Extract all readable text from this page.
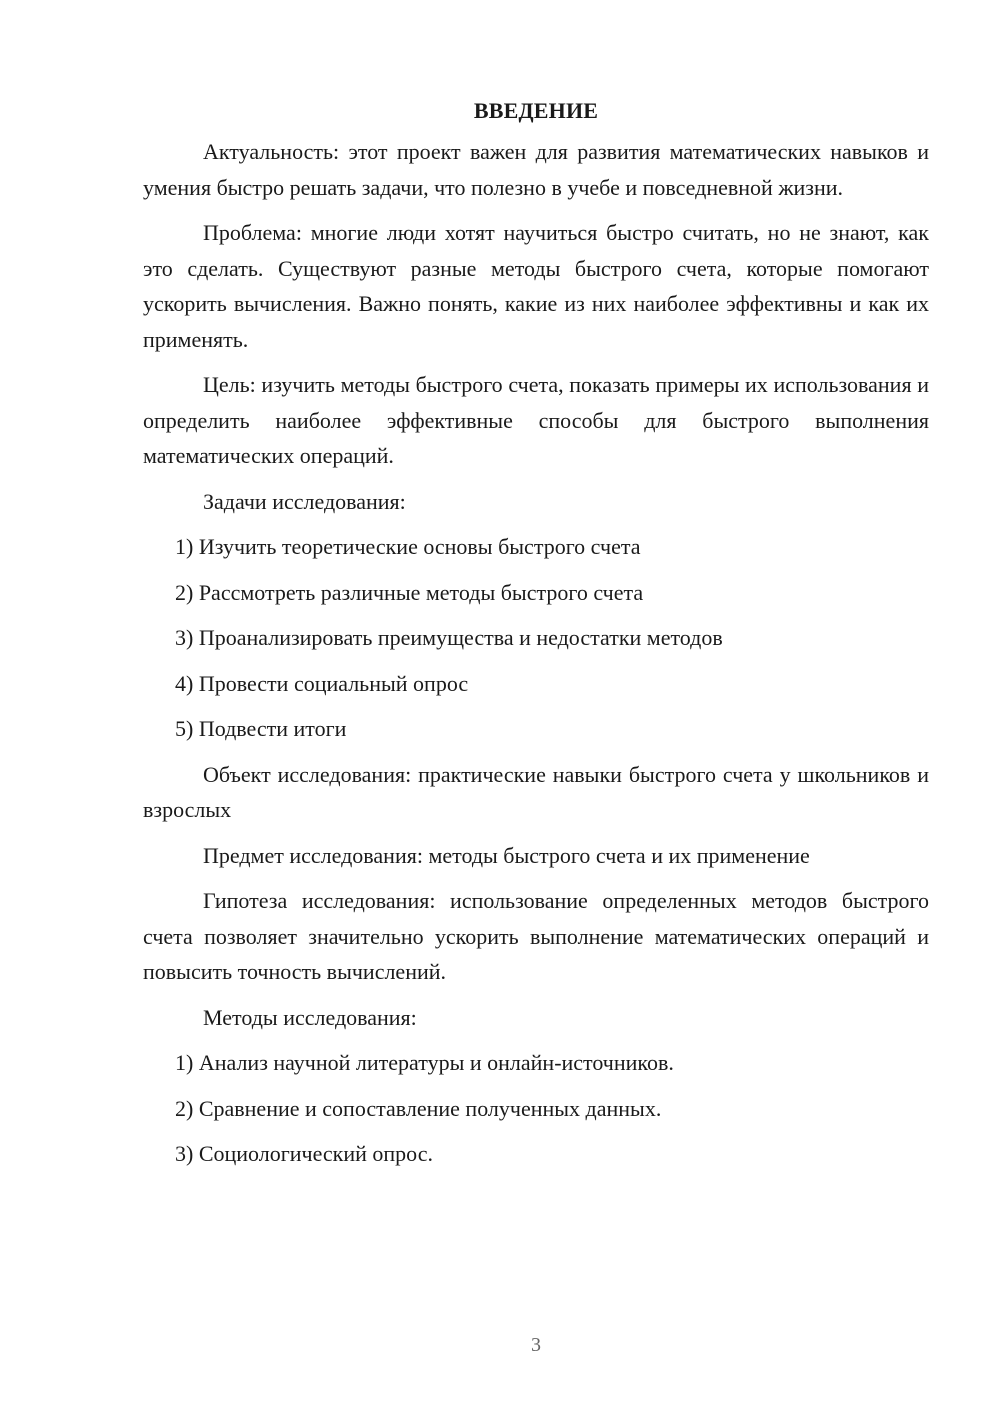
ВВЕДЕНИЕ

Актуальность: этот проект важен для развития математических навыков и умения быстро решать задачи, что полезно в учебе и повседневной жизни.

Проблема: многие люди хотят научиться быстро считать, но не знают, как это сделать. Существуют разные методы быстрого счета, которые помогают ускорить вычисления. Важно понять, какие из них наиболее эффективны и как их применять.

Цель: изучить методы быстрого счета, показать примеры их использования и определить наиболее эффективные способы для быстрого выполнения математических операций.

Задачи исследования:

1) Изучить теоретические основы быстрого счета
2) Рассмотреть различные методы быстрого счета
3) Проанализировать преимущества и недостатки методов
4) Провести социальный опрос
5) Подвести итоги

Объект исследования: практические навыки быстрого счета у школьников и взрослых

Предмет исследования: методы быстрого счета и их применение

Гипотеза исследования: использование определенных методов быстрого счета позволяет значительно ускорить выполнение математических операций и повысить точность вычислений.

Методы исследования:

1) Анализ научной литературы и онлайн-источников.
2) Сравнение и сопоставление полученных данных.
3) Социологический опрос.
3
